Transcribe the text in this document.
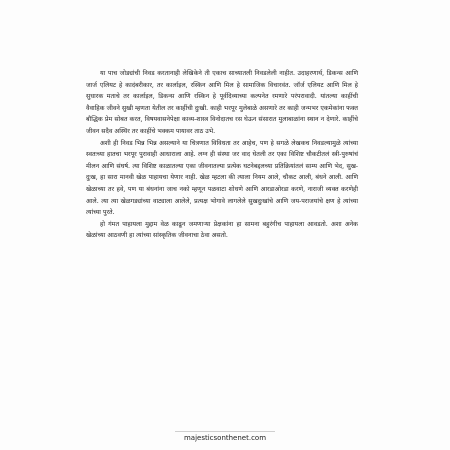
या पाच जोड्यांची निवड करतानाही लेखिकेने ती एकाच साच्यातली निवडलेली नाहीत. उदाहरणार्थ, डिकन्स आणि जार्ज एलियट हे कादंबरीकार, तर कार्लाइल, रस्किन आणि मिल हे सामाजिक विचारवंत. जॉर्ज एलियट आणि मिल हे सुधारक मताचे तर कार्लाइल, डिकन्स आणि रस्किन हे पूर्वदिव्याच्या कल्पनेत रमणारे परंपरावादी. यांतल्या काहींची वैवाहिक जीवने सुखी म्हणता येतील तर काहींची दुःखी. काही भरपूर मुलेबाळे असणारे तर काही जन्मभर एकमेकांना फक्त बौद्धिक प्रेम सोबत करत, विषयवासनेपेक्षा काव्य-शास्त्र विनोदातच रस घेऊन संसारात मुलाबाळांना स्थान न देणारे. काहींचे जीवन सदैव अस्थिर तर काहींचे भक्कम पायावर ताठ उभे.

अशी ही निवड भिन्न भिन्न असल्याने या चित्रणात विविधता तर आहेच, पण हे सगळे लेखकच निवडल्यामुळे त्यांच्या स्वतःच्या हातचा भरपूर पुरावाही आधाराला आहे. लग्न ही संस्था जर वाद घेतली तर एका विशिष्ट चौकटीतलं स्त्री-पुरुषांचं मीलन आणि संघर्ष. त्या विशिष्ट काळातल्या एका जीवनातल्या प्रत्येक घटनेबद्दलच्या प्रतिक्रियांतलं साम्य आणि भेद, सुख-दुःख, हा सारा मानवी खेळ पाहायचा येणार नाही. खेळ म्हटला की त्याला नियम आले, चौकट आली, बंधने आली. आणि खेळाच्या तर हवे, पण या बंधनांना जाच नको म्हणून पळवाटा शोधणे आणि आरडाओरडा करणे, नाराजी व्यक्त करणेही आले. त्या त्या खेळगड्यांच्या वाट्याला आलेले, प्रत्यक्ष भोगावे लागलेले सुखदुःखांचे आणि जय-पराजयांचे क्षण हे त्यांच्या त्यांच्या पुरते.

हो गंमत पाहायला मुद्दाम वेळ काढून जमणाऱ्या प्रेक्षकांना हा सामना बहुरंगीच पाहायला आवडतो. अशा अनेक खेळांच्या आठवणी हा त्यांच्या सांस्कृतिक जीवनाचा ठेवा असतो.

majesticsonthenet.com
